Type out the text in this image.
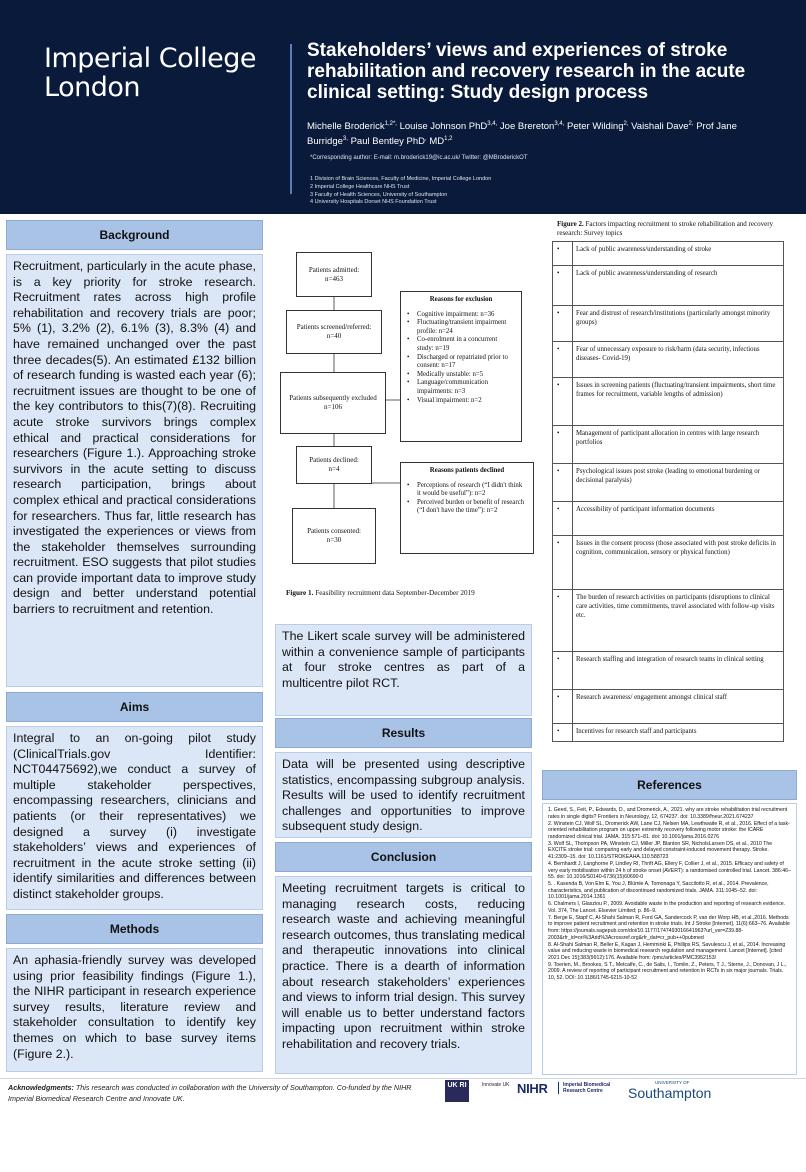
Imperial College
London
Stakeholders’ views and experiences of stroke rehabilitation and recovery research in the acute clinical setting: Study design process
Michelle Broderick$^{1,2*,}$ Louise Johnson PhD$^{3,4,}$ Joe Brereton$^{3,4,}$ Peter Wilding$^{2,}$ Vaishali Dave$^{2,}$ Prof Jane Burridge$^{3,}$ Paul Bentley PhD, MD$^{1,2}$
*Corresponding author: E-mail: m.broderick19@ic.ac.uk/ Twitter: @MBroderickOT
1 Division of Brain Sciences, Faculty of Medicine, Imperial College London
2 Imperial College Healthcare NHS Trust
3 Faculty of Health Sciences, University of Southampton
4 University Hospitals Dorset NHS Foundation Trust
Background
Recruitment, particularly in the acute phase, is a key priority for stroke research. Recruitment rates across high profile rehabilitation and recovery trials are poor; 5% (1), 3.2% (2), 6.1% (3), 8.3% (4) and have remained unchanged over the past three decades(5). An estimated £132 billion of research funding is wasted each year (6); recruitment issues are thought to be one of the key contributors to this(7)(8). Recruiting acute stroke survivors brings complex ethical and practical considerations for researchers (Figure 1.). Approaching stroke survivors in the acute setting to discuss research participation, brings about complex ethical and practical considerations for researchers. Thus far, little research has investigated the experiences or views from the stakeholder themselves surrounding recruitment. ESO suggests that pilot studies can provide important data to improve study design and better understand potential barriers to recruitment and retention.
Aims
Integral to an on-going pilot study (ClinicalTrials.gov Identifier: NCT04475692),we conduct a survey of multiple stakeholder perspectives, encompassing researchers, clinicians and patients (or their representatives) we designed a survey (i) investigate stakeholders’ views and experiences of recruitment in the acute stroke setting (ii) identify similarities and differences between distinct stakeholder groups.
Methods
An aphasia-friendly survey was developed using prior feasibility findings (Figure 1.), the NIHR participant in research experience survey results, literature review and stakeholder consultation to identify key themes on which to base survey items (Figure 2.).
Patients admitted:
n=463
Patients screened/referred:
n=40
Patients subsequently excluded
n=106
Patients declined:
n=4
Patients consented:
n=30
Reasons for exclusion
• Cognitive impairment: n=36
• Fluctuating/transient impairment profile: n=24
• Co-enrolment in a concurrent study: n=19
• Discharged or repatriated prior to consent: n=17
• Medically unstable: n=5
• Language/communication impairments: n=3
• Visual impairment: n=2
Reasons patients declined
• Perceptions of research (“I didn't think it would be useful”): n=2
• Perceived burden or benefit of research (“I don't have the time”): n=2
Figure 1. Feasibility recruitment data September-December 2019
The Likert scale survey will be administered within a convenience sample of participants at four stroke centres as part of a multicentre pilot RCT.
Results
Data will be presented using descriptive statistics, encompassing subgroup analysis. Results will be used to identify recruitment challenges and opportunities to improve subsequent study design.
Conclusion
Meeting recruitment targets is critical to managing research costs, reducing research waste and achieving meaningful research outcomes, thus translating medical and therapeutic innovations into clinical practice. There is a dearth of information about research stakeholders’ experiences and views to inform trial design. This survey will enable us to better understand factors impacting upon recruitment within stroke rehabilitation and recovery trials.
Figure 2. Factors impacting recruitment to stroke rehabilitation and recovery research: Survey topics
•	Lack of public awareness/understanding of stroke
•	Lack of public awareness/understanding of research
•	Fear and distrust of research/institutions (particularly amongst minority groups)
•	Fear of unnecessary exposure to risk/harm (data security, infectious diseases- Covid-19)
•	Issues in screening patients (fluctuating/transient impairments, short time frames for recruitment, variable lengths of admission)
•	Management of participant allocation in centres with large research portfolios
•	Psychological issues post stroke (leading to emotional burdening or decisional paralysis)
•	Accessibility of participant information documents
•	Issues in the consent process (those associated with post stroke deficits in cognition, communication, sensory or physical function)
•	The burden of research activities on participants (disruptions to clinical care activities, time commitments, travel associated with follow-up visits etc.
•	Research staffing and integration of research teams in clinical setting
•	Research awareness/ engagement amongst clinical staff
•	Incentives for research staff and participants
References
1. Geed, S., Feit, P., Edwards, D., and Dromerick, A., 2021. why are stroke rehabilitation trial recruitment rates in single digits? Frontiers in Neurology, 12, 674237. doi: 10.3389/fneur.2021.674237
2. Winstein CJ, Wolf SL, Dromerick AW, Lane CJ, Nelsen MA, Lewthwaite R, et al., 2016. Effect of a task-oriented rehabilitation program on upper extremity recovery following motor stroke: the ICARE randomized clinical trial. JAMA. 315:571–81. doi: 10.1001/jama.2016.0276
3. Wolf SL, Thompson PA, Winstein CJ, Miller JP, Blanton SR, NicholsLarsen DS, et al., 2010 The EXCITE stroke trial: comparing early and delayed constraint-induced movement therapy. Stroke. 41:2309–15. doi: 10.1161/STROKEAHA.110.588723
4. Bernhardt J, Langhorne P, Lindley RI, Thrift AG, Ellery F, Collier J, et al., 2015. Efficacy and safety of very early mobilisation within 24 h of stroke onset (AVERT): a randomised controlled trial. Lancet. 386:46–55. doi: 10.1016/S0140-6736(15)60690-0
5. . Kasenda B, Von Elm E, You J, Blümle A, Tomonaga Y, Saccilotto R, et al., 2014. Prevalence, characteristics, and publication of discontinued randomized trials. JAMA. 311:1045–52. doi: 10.1001/jama.2014.1361
6. Chalmers I, Glasziou P., 2009. Avoidable waste in the production and reporting of research evidence. Vol. 374, The Lancet. Elsevier Limited; p. 86–9.
7. Berge E, Stapf C, Al-Shahi Salman R, Ford GA, Sandercock P, van der Worp HB, et al.,2016. Methods to improve patient recruitment and retention in stroke trials. Int J Stroke [Internet]. 11(6):663–76. Available from: https://journals.sagepub.com/doi/10.1177/1747493016641963?url_ver=Z39.88-2003&rfr_id=ori%3Arid%3Acrossref.org&rfr_dat=cr_pub++0pubmed
8. Al-Shahi Salman R, Beller E, Kagan J, Hemminki E, Phillips RS, Savulescu J, et al., 2014. Increasing value and reducing waste in biomedical research regulation and management. Lancet [Internet]. [cited 2021 Dec 15];383(9912):176. Available from: /pmc/articles/PMC3952153/
9. Toerien, M., Brookes, S T., Metcalfe, C., de Salis, I., Tomlin, Z., Peters, T J., Sterne, J., Donovan, J L., 2009. A review of reporting of participant recruitment and retention in RCTs in six major journals. Trials. 10, 52. DOI: 10.1186/1745-6215-10-52
Acknowledgments: This research was conducted in collaboration with the University of Southampton. Co-funded by the NIHR Imperial Biomedical Research Centre and Innovate UK.
UK RI	Innovate UK NIHR	Imperial Biomedical Research Centre
UNIVERSITY OF
Southampton
